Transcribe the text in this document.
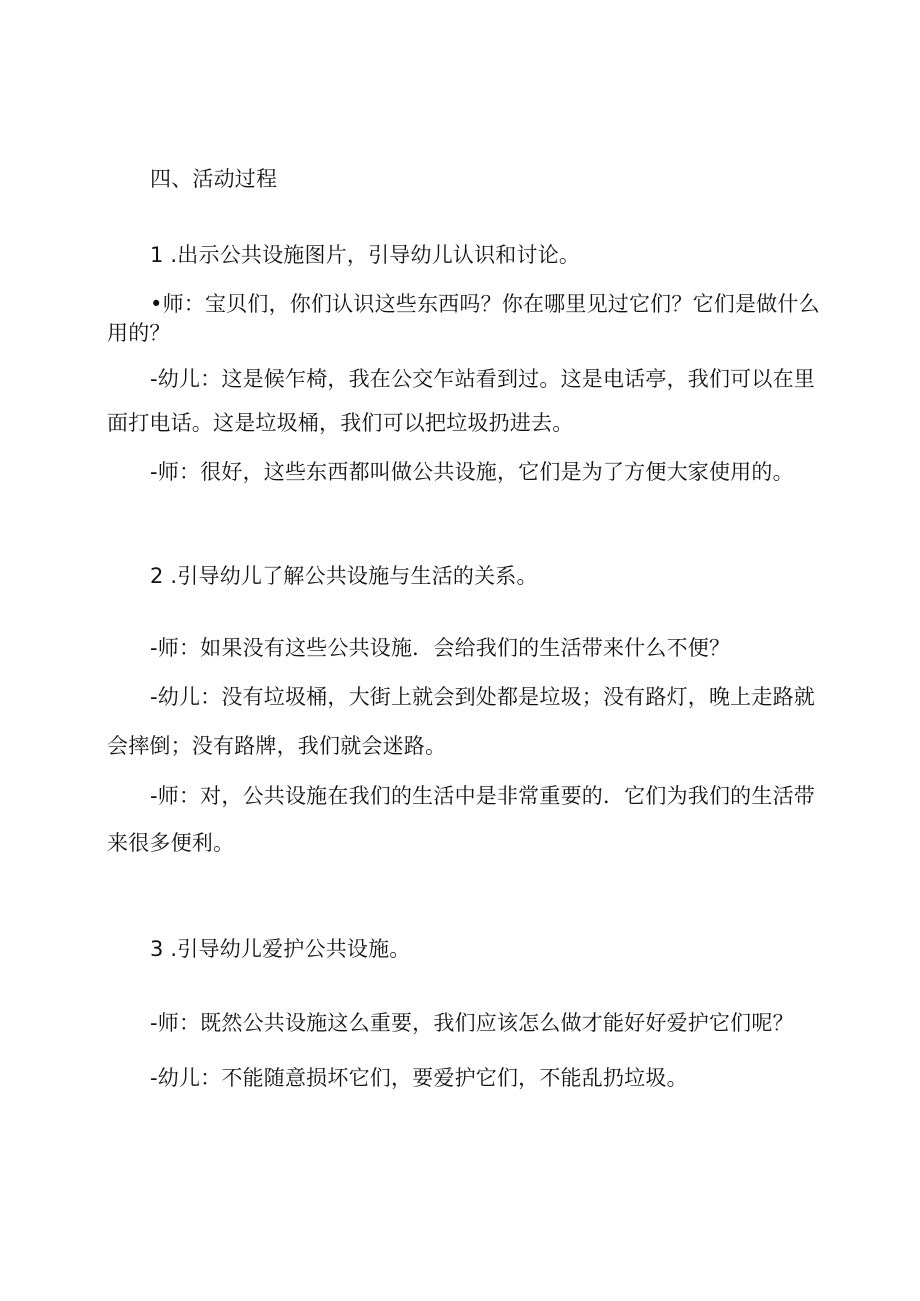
四、活动过程

1 .出示公共设施图片，引导幼儿认识和讨论。

•师：宝贝们，你们认识这些东西吗？你在哪里见过它们？它们是做什么

用的？

-幼儿：这是候乍椅，我在公交乍站看到过。这是电话亭，我们可以在里

面打电话。这是垃圾桶，我们可以把垃圾扔进去。

-师：很好，这些东西都叫做公共设施，它们是为了方便大家使用的。

2 .引导幼儿了解公共设施与生活的关系。

-师：如果没有这些公共设施．会给我们的生活带来什么不便？

-幼儿：没有垃圾桶，大街上就会到处都是垃圾；没有路灯，晚上走路就

会摔倒；没有路牌，我们就会迷路。

-师：对，公共设施在我们的生活中是非常重要的．它们为我们的生活带

来很多便利。

3 .引导幼儿爱护公共设施。

-师：既然公共设施这么重要，我们应该怎么做才能好好爱护它们呢？

-幼儿：不能随意损坏它们，要爱护它们，不能乱扔垃圾。
